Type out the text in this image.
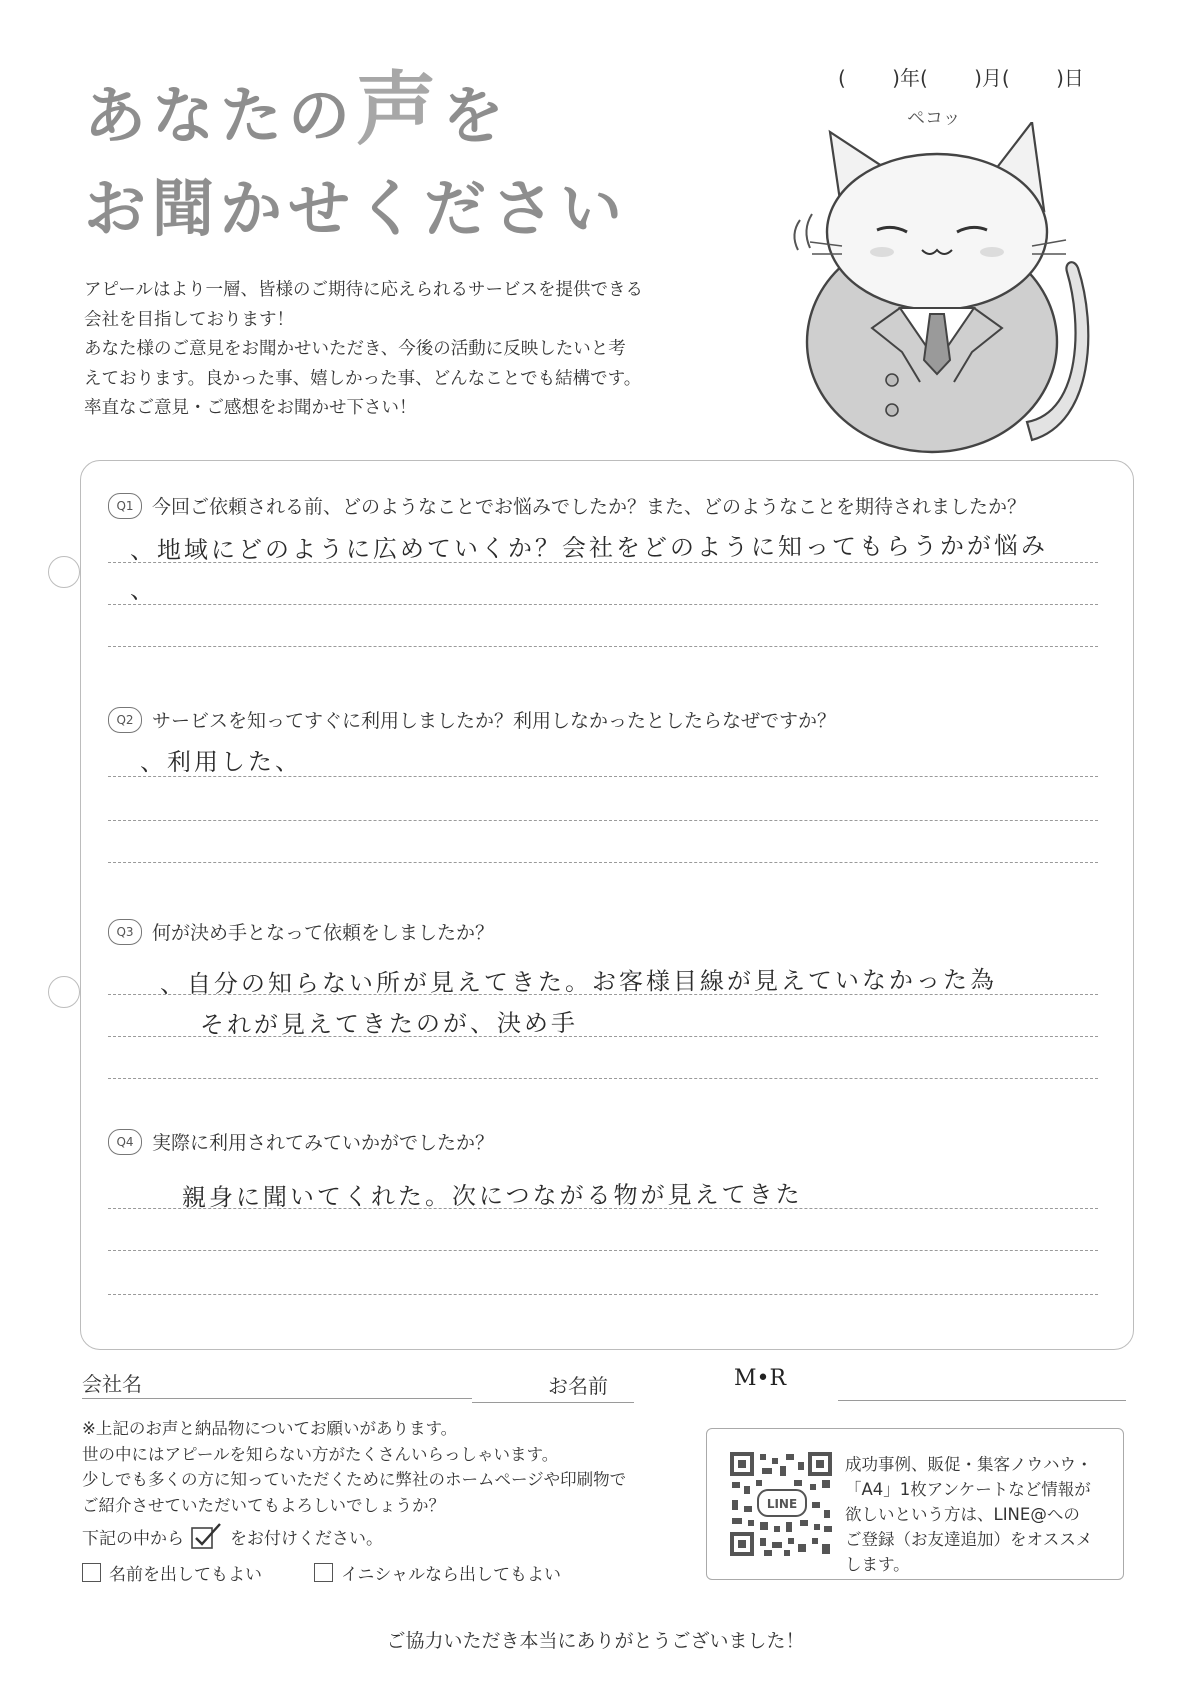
あなたの声を
お聞かせください
(　　 )年(　　 )月(　　 )日

アピールはより一層、皆様のご期待に応えられるサービスを提供できる

会社を目指しております！

あなた様のご意見をお聞かせいただき、今後の活動に反映したいと考

えております。良かった事、嬉しかった事、どんなことでも結構です。

率直なご意見・ご感想をお聞かせ下さい！

ペコッ
Q1 今回ご依頼される前、どのようなことでお悩みでしたか？また、どのようなことを期待されましたか？
、地域にどのように広めていくか？会社をどのように知ってもらうかが悩み
、
Q2 サービスを知ってすぐに利用しましたか？利用しなかったとしたらなぜですか？
、利用した、
Q3 何が決め手となって依頼をしましたか？
、自分の知らない所が見えてきた。お客様目線が見えていなかった為
それが見えてきたのが、決め手
Q4 実際に利用されてみていかがでしたか？
親身に聞いてくれた。次につながる物が見えてきた
会社名	お名前	M•R

※上記のお声と納品物についてお願いがあります。

世の中にはアピールを知らない方がたくさんいらっしゃいます。

少しでも多くの方に知っていただくために弊社のホームページや印刷物で

ご紹介させていただいてもよろしいでしょうか？

下記の中から	をお付けください。
名前を出してもよい	イニシャルなら出してもよい
LINE

成功事例、販促・集客ノウハウ・

「A4」1枚アンケートなど情報が

欲しいという方は、LINE@への

ご登録（お友達追加）をオススメ

します。

ご協力いただき本当にありがとうございました！
